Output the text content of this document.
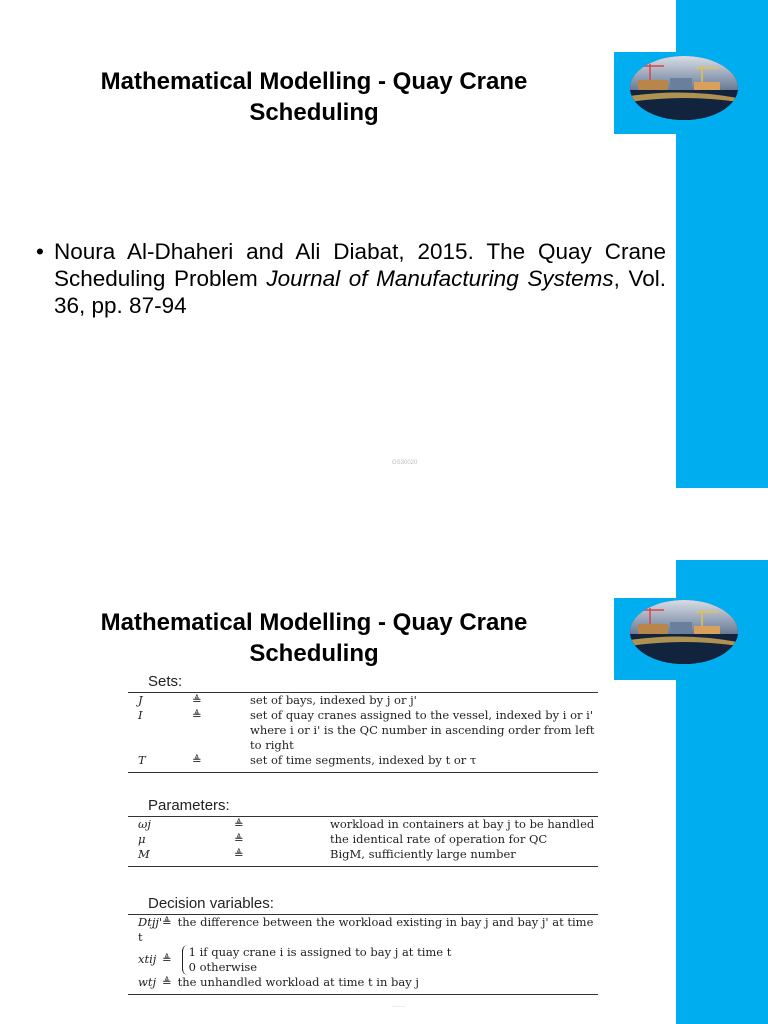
Mathematical Modelling - Quay Crane Scheduling
• Noura Al-Dhaheri and Ali Diabat, 2015. The Quay Crane Scheduling Problem Journal of Manufacturing Systems, Vol. 36, pp. 87-94
GS30020
Mathematical Modelling - Quay Crane Scheduling
Sets:
J	≜	set of bays, indexed by j or j'
I	≜	set of quay cranes assigned to the vessel, indexed by i or i' where i or i' is the QC number in ascending order from left to right
T	≜	set of time segments, indexed by t or τ
Parameters:
ωj	≜	workload in containers at bay j to be handled
μ	≜	the identical rate of operation for QC
M	≜	BigM, sufficiently large number
Decision variables:
Dtjj'≜ the difference between the workload existing in bay j and bay j' at time t
xtij ≜ 1 if quay crane i is assigned to bay j at time t
0 otherwise
wtj ≜ the unhandled workload at time t in bay j
........
